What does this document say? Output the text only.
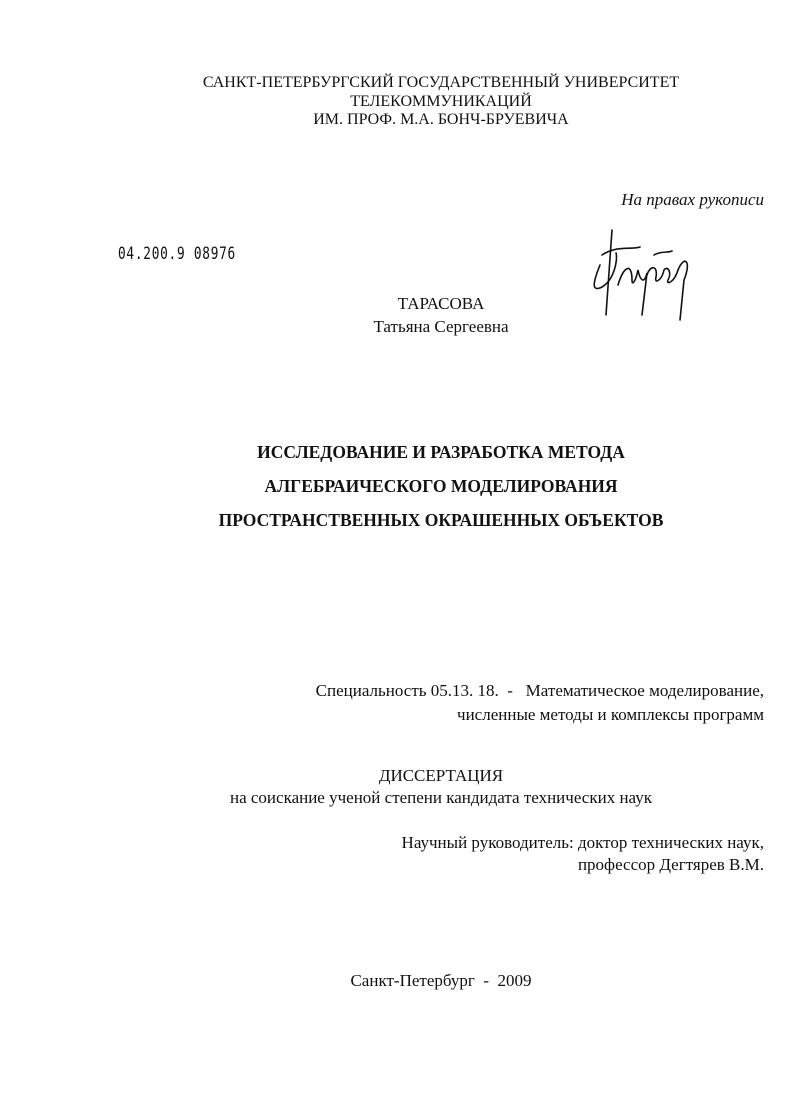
САНКТ-ПЕТЕРБУРГСКИЙ ГОСУДАРСТВЕННЫЙ УНИВЕРСИТЕТ
ТЕЛЕКОММУНИКАЦИЙ
ИМ. ПРОФ. М.А. БОНЧ-БРУЕВИЧА
На правах рукописи
04.200.9 08976
ТАРАСОВА
Татьяна Сергеевна
ИССЛЕДОВАНИЕ И РАЗРАБОТКА МЕТОДА
АЛГЕБРАИЧЕСКОГО МОДЕЛИРОВАНИЯ
ПРОСТРАНСТВЕННЫХ ОКРАШЕННЫХ ОБЪЕКТОВ
Специальность 05.13. 18.  -   Математическое моделирование,
численные методы и комплексы программ
ДИССЕРТАЦИЯ
на соискание ученой степени кандидата технических наук
Научный руководитель: доктор технических наук,
профессор Дегтярев В.М.
Санкт-Петербург  -  2009
